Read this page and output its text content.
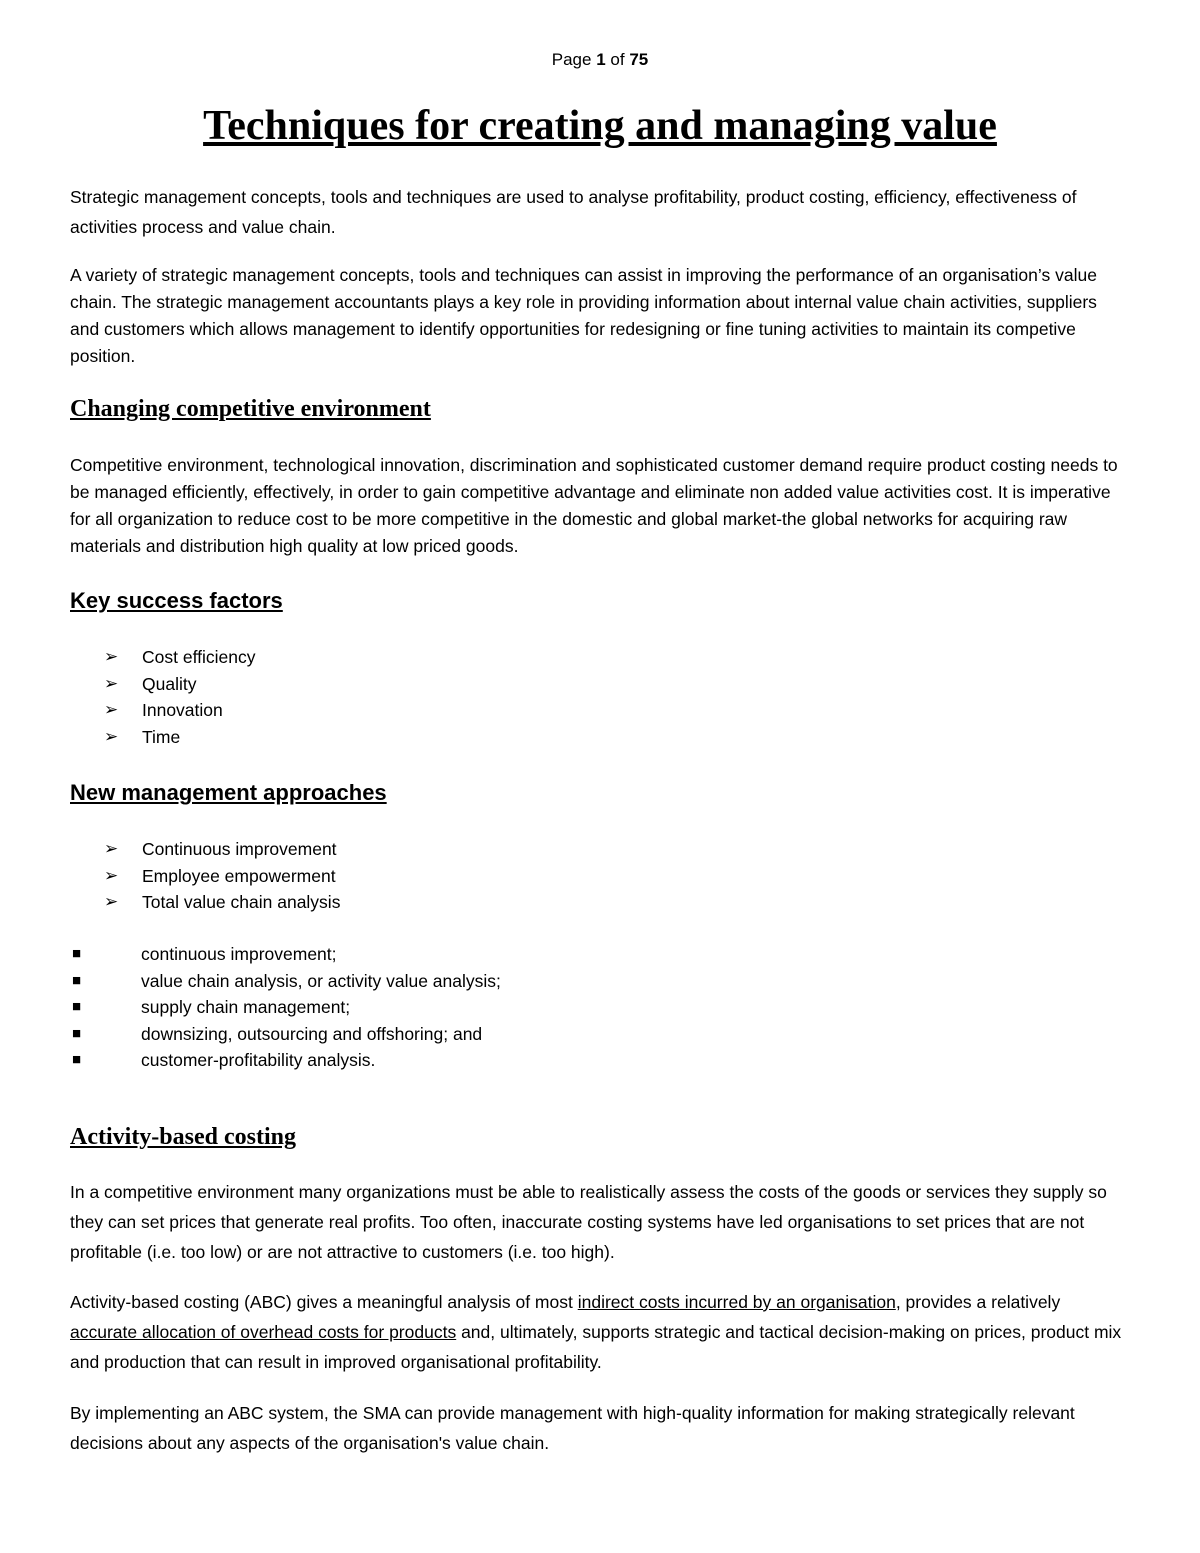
Page 1 of 75
Techniques for creating and managing value

Strategic management concepts, tools and techniques are used to analyse profitability, product costing, efficiency, effectiveness of activities process and value chain.

A variety of strategic management concepts, tools and techniques can assist in improving the performance of an organisation’s value chain. The strategic management accountants plays a key role in providing information about internal value chain activities, suppliers and customers which allows management to identify opportunities for redesigning or fine tuning activities to maintain its competive position.

Changing competitive environment

Competitive environment, technological innovation, discrimination and sophisticated customer demand require product costing needs to be managed efficiently, effectively, in order to gain competitive advantage and eliminate non added value activities cost. It is imperative for all organization to reduce cost to be more competitive in the domestic and global market-the global networks for acquiring raw materials and distribution high quality at low priced goods.

Key success factors
➢ Cost efficiency
➢ Quality
➢ Innovation
➢ Time
New management approaches
➢ Continuous improvement
➢ Employee empowerment
➢ Total value chain analysis
■	continuous improvement;
■	value chain analysis, or activity value analysis;
■	supply chain management;
■	downsizing, outsourcing and offshoring; and
■	customer-profitability analysis.
Activity-based costing

In a competitive environment many organizations must be able to realistically assess the costs of the goods or services they supply so they can set prices that generate real profits. Too often, inaccurate costing systems have led organisations to set prices that are not profitable (i.e. too low) or are not attractive to customers (i.e. too high).

Activity-based costing (ABC) gives a meaningful analysis of most indirect costs incurred by an organisation, provides a relatively accurate allocation of overhead costs for products and, ultimately, supports strategic and tactical decision-making on prices, product mix and production that can result in improved organisational profitability.

By implementing an ABC system, the SMA can provide management with high-quality information for making strategically relevant decisions about any aspects of the organisation's value chain.
